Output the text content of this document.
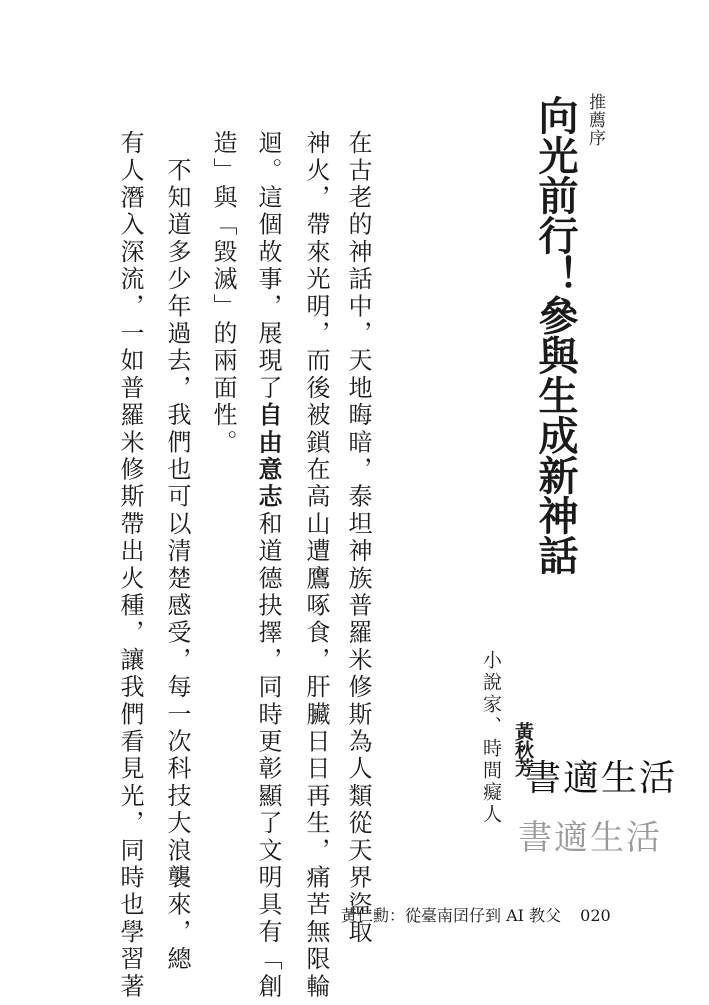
推薦序
向光前行！參與生成新神話
小說家、時間癡人 黃秋芳
在古老的神話中，天地晦暗，泰坦神族普羅米修斯為人類從天界盜取
神火，帶來光明，而後被鎖在高山遭鷹啄食，肝臟日日再生，痛苦無限輪
迴。這個故事，展現了自由意志和道德抉擇，同時更彰顯了文明具有「創
造」與「毀滅」的兩面性。
　不知道多少年過去，我們也可以清楚感受，每一次科技大浪襲來，總
有人潛入深流，一如普羅米修斯帶出火種，讓我們看見光，同時也學習著	書適生活
書適生活
黃仁勳：從臺南囝仔到 AI 教父 020
